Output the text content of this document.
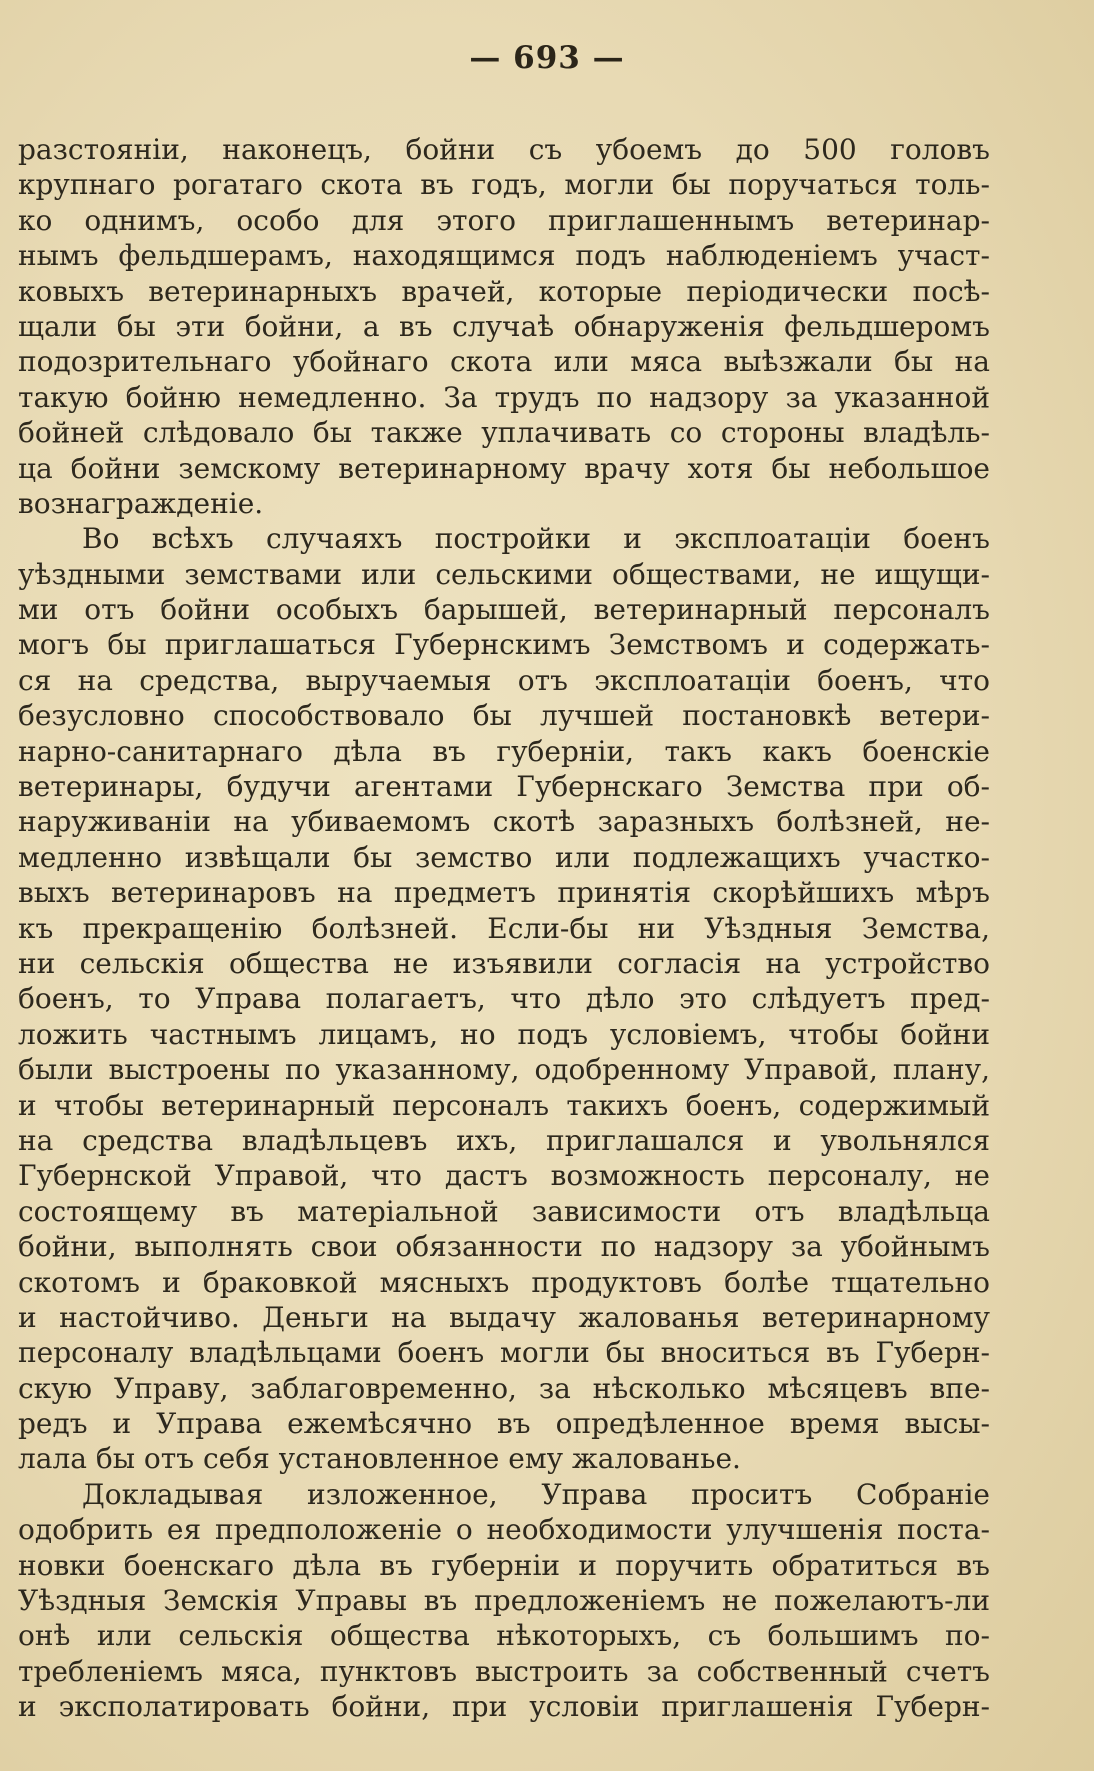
— 693 —
разстояніи, наконецъ, бойни съ убоемъ до 500 головъ
крупнаго рогатаго скота въ годъ, могли бы поручаться толь-
ко однимъ, особо для этого приглашеннымъ ветеринар-
нымъ фельдшерамъ, находящимся подъ наблюденіемъ участ-
ковыхъ ветеринарныхъ врачей, которые періодически посѣ-
щали бы эти бойни, а въ случаѣ обнаруженія фельдшеромъ
подозрительнаго убойнаго скота или мяса выѣзжали бы на
такую бойню немедленно. За трудъ по надзору за указанной
бойней слѣдовало бы также уплачивать со стороны владѣль-
ца бойни земскому ветеринарному врачу хотя бы небольшое
вознагражденіе.
Во всѣхъ случаяхъ постройки и эксплоатаціи боенъ
уѣздными земствами или сельскими обществами, не ищущи-
ми отъ бойни особыхъ барышей, ветеринарный персоналъ
могъ бы приглашаться Губернскимъ Земствомъ и содержать-
ся на средства, выручаемыя отъ эксплоатаціи боенъ, что
безусловно способствовало бы лучшей постановкѣ ветери-
нарно-санитарнаго дѣла въ губерніи, такъ какъ боенскіе
ветеринары, будучи агентами Губернскаго Земства при об-
наруживаніи на убиваемомъ скотѣ заразныхъ болѣзней, не-
медленно извѣщали бы земство или подлежащихъ участко-
выхъ ветеринаровъ на предметъ принятія скорѣйшихъ мѣръ
къ прекращенію болѣзней. Если-бы ни Уѣздныя Земства,
ни сельскія общества не изъявили согласія на устройство
боенъ, то Управа полагаетъ, что дѣло это слѣдуетъ пред-
ложить частнымъ лицамъ, но подъ условіемъ, чтобы бойни
были выстроены по указанному, одобренному Управой, плану,
и чтобы ветеринарный персоналъ такихъ боенъ, содержимый
на средства владѣльцевъ ихъ, приглашался и увольнялся
Губернской Управой, что дастъ возможность персоналу, не
состоящему въ матеріальной зависимости отъ владѣльца
бойни, выполнять свои обязанности по надзору за убойнымъ
скотомъ и браковкой мясныхъ продуктовъ болѣе тщательно
и настойчиво. Деньги на выдачу жалованья ветеринарному
персоналу владѣльцами боенъ могли бы вноситься въ Губерн-
скую Управу, заблаговременно, за нѣсколько мѣсяцевъ впе-
редъ и Управа ежемѣсячно въ опредѣленное время высы-
лала бы отъ себя установленное ему жалованье.
Докладывая изложенное, Управа проситъ Собраніе
одобрить ея предположеніе о необходимости улучшенія поста-
новки боенскаго дѣла въ губерніи и поручить обратиться въ
Уѣздныя Земскія Управы въ предложеніемъ не пожелаютъ-ли
онѣ или сельскія общества нѣкоторыхъ, съ большимъ по-
требленіемъ мяса, пунктовъ выстроить за собственный счетъ
и эксполатировать бойни, при условіи приглашенія Губерн-
